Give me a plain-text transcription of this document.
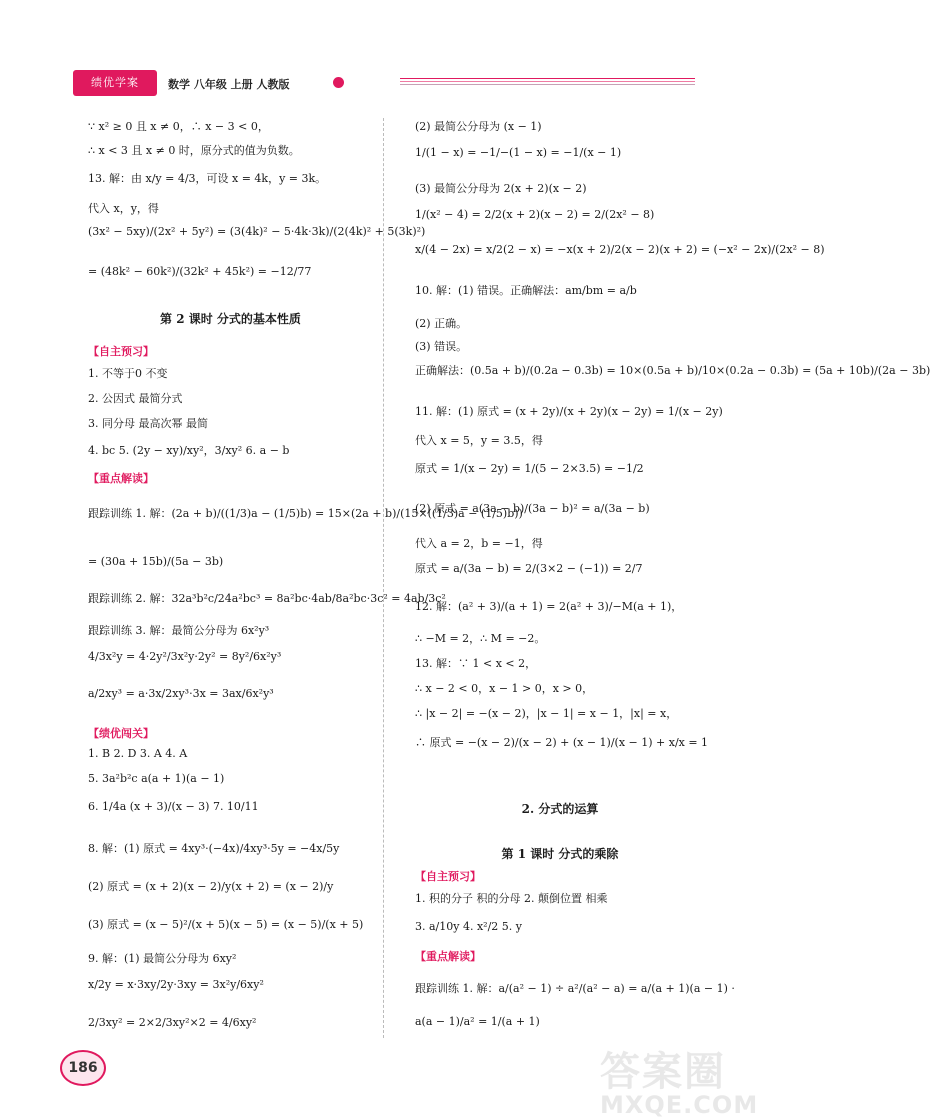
绩优学案	数学 八年级 上册 人教版
∵ x² ≥ 0 且 x ≠ 0，∴ x − 3 < 0，
∴ x < 3 且 x ≠ 0 时，原分式的值为负数。
13. 解：由 x/y = 4/3，可设 x = 4k，y = 3k。
代入 x，y，得
(3x² − 5xy)/(2x² + 5y²) = (3(4k)² − 5·4k·3k)/(2(4k)² + 5(3k)²)
= (48k² − 60k²)/(32k² + 45k²) = −12/77
1. 不等于0 不变
2. 公因式 最简分式
3. 同分母 最高次幂 最简
4. bc 5. (2y − xy)/xy²，3/xy² 6. a − b
跟踪训练 1. 解：(2a + b)/((1/3)a − (1/5)b) = 15×(2a + b)/(15×((1/3)a − (1/5)b))
= (30a + 15b)/(5a − 3b)
跟踪训练 2. 解：32a³b²c/24a²bc³ = 8a²bc·4ab/8a²bc·3c² = 4ab/3c²
跟踪训练 3. 解：最简公分母为 6x²y³
4/3x²y = 4·2y²/3x²y·2y² = 8y²/6x²y³
a/2xy³ = a·3x/2xy³·3x = 3ax/6x²y³
1. B 2. D 3. A 4. A
5. 3a²b²c a(a + 1)(a − 1)
6. 1/4a (x + 3)/(x − 3) 7. 10/11
8. 解：(1) 原式 = 4xy³·(−4x)/4xy³·5y = −4x/5y
(2) 原式 = (x + 2)(x − 2)/y(x + 2) = (x − 2)/y
(3) 原式 = (x − 5)²/(x + 5)(x − 5) = (x − 5)/(x + 5)
9. 解：(1) 最简公分母为 6xy²
x/2y = x·3xy/2y·3xy = 3x²y/6xy²
2/3xy² = 2×2/3xy²×2 = 4/6xy²
第 2 课时 分式的基本性质
【自主预习】
【重点解读】
【绩优闯关】
(2) 最简公分母为 (x − 1)
1/(1 − x) = −1/−(1 − x) = −1/(x − 1)
(3) 最简公分母为 2(x + 2)(x − 2)
1/(x² − 4) = 2/2(x + 2)(x − 2) = 2/(2x² − 8)
x/(4 − 2x) = x/2(2 − x) = −x(x + 2)/2(x − 2)(x + 2) = (−x² − 2x)/(2x² − 8)
10. 解：(1) 错误。正确解法：am/bm = a/b
(2) 正确。
(3) 错误。
正确解法：(0.5a + b)/(0.2a − 0.3b) = 10×(0.5a + b)/10×(0.2a − 0.3b) = (5a + 10b)/(2a − 3b)
11. 解：(1) 原式 = (x + 2y)/(x + 2y)(x − 2y) = 1/(x − 2y)
代入 x = 5，y = 3.5，得
原式 = 1/(x − 2y) = 1/(5 − 2×3.5) = −1/2
(2) 原式 = a(3a − b)/(3a − b)² = a/(3a − b)
代入 a = 2，b = −1，得
原式 = a/(3a − b) = 2/(3×2 − (−1)) = 2/7
12. 解：(a² + 3)/(a + 1) = 2(a² + 3)/−M(a + 1)，
∴ −M = 2，∴ M = −2。
13. 解：∵ 1 < x < 2，
∴ x − 2 < 0，x − 1 > 0，x > 0，
∴ |x − 2| = −(x − 2)，|x − 1| = x − 1，|x| = x，
∴ 原式 = −(x − 2)/(x − 2) + (x − 1)/(x − 1) + x/x = 1
1. 积的分子 积的分母 2. 颠倒位置 相乘
3. a/10y 4. x²/2 5. y
跟踪训练 1. 解：a/(a² − 1) ÷ a²/(a² − a) = a/(a + 1)(a − 1) ·
a(a − 1)/a² = 1/(a + 1)
2. 分式的运算
第 1 课时 分式的乘除
【自主预习】
【重点解读】
186	答案圈
MXQE.COM
